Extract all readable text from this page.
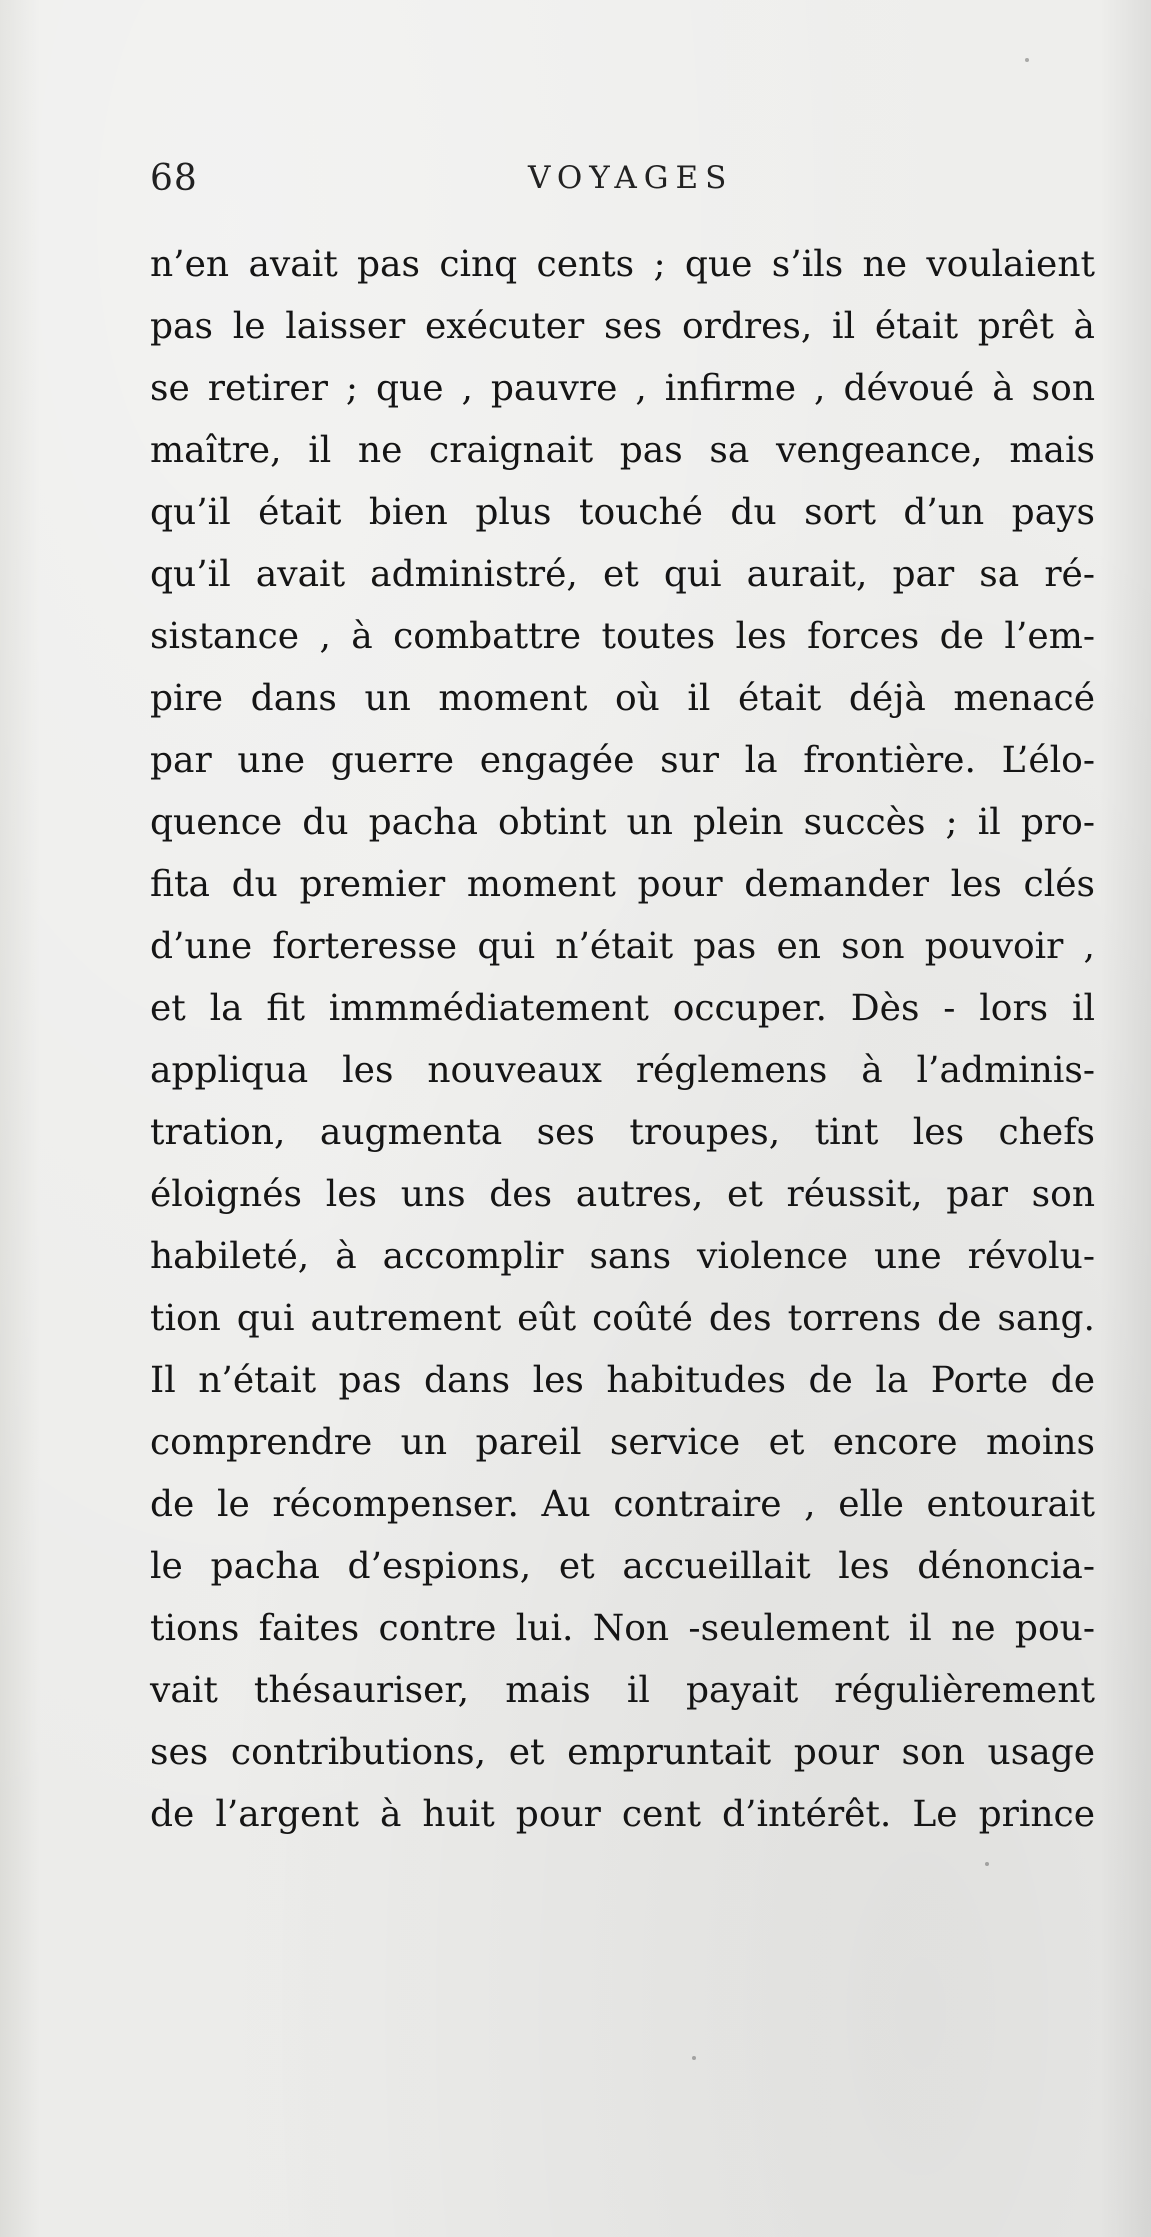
68	VOYAGES
n’en avait pas cinq cents ; que s’ils ne voulaient
pas le laisser exécuter ses ordres, il était prêt à
se retirer ; que , pauvre , infirme , dévoué à son
maître, il ne craignait pas sa vengeance, mais
qu’il était bien plus touché du sort d’un pays
qu’il avait administré, et qui aurait, par sa ré-
sistance , à combattre toutes les forces de l’em-
pire dans un moment où il était déjà menacé
par une guerre engagée sur la frontière. L’élo-
quence du pacha obtint un plein succès ; il pro-
fita du premier moment pour demander les clés
d’une forteresse qui n’était pas en son pouvoir ,
et la fit immmédiatement occuper. Dès - lors il
appliqua les nouveaux réglemens à l’adminis-
tration, augmenta ses troupes, tint les chefs
éloignés les uns des autres, et réussit, par son
habileté, à accomplir sans violence une révolu-
tion qui autrement eût coûté des torrens de sang.
Il n’était pas dans les habitudes de la Porte de
comprendre un pareil service et encore moins
de le récompenser. Au contraire , elle entourait
le pacha d’espions, et accueillait les dénoncia-
tions faites contre lui. Non -seulement il ne pou-
vait thésauriser, mais il payait régulièrement
ses contributions, et empruntait pour son usage
de l’argent à huit pour cent d’intérêt. Le prince
